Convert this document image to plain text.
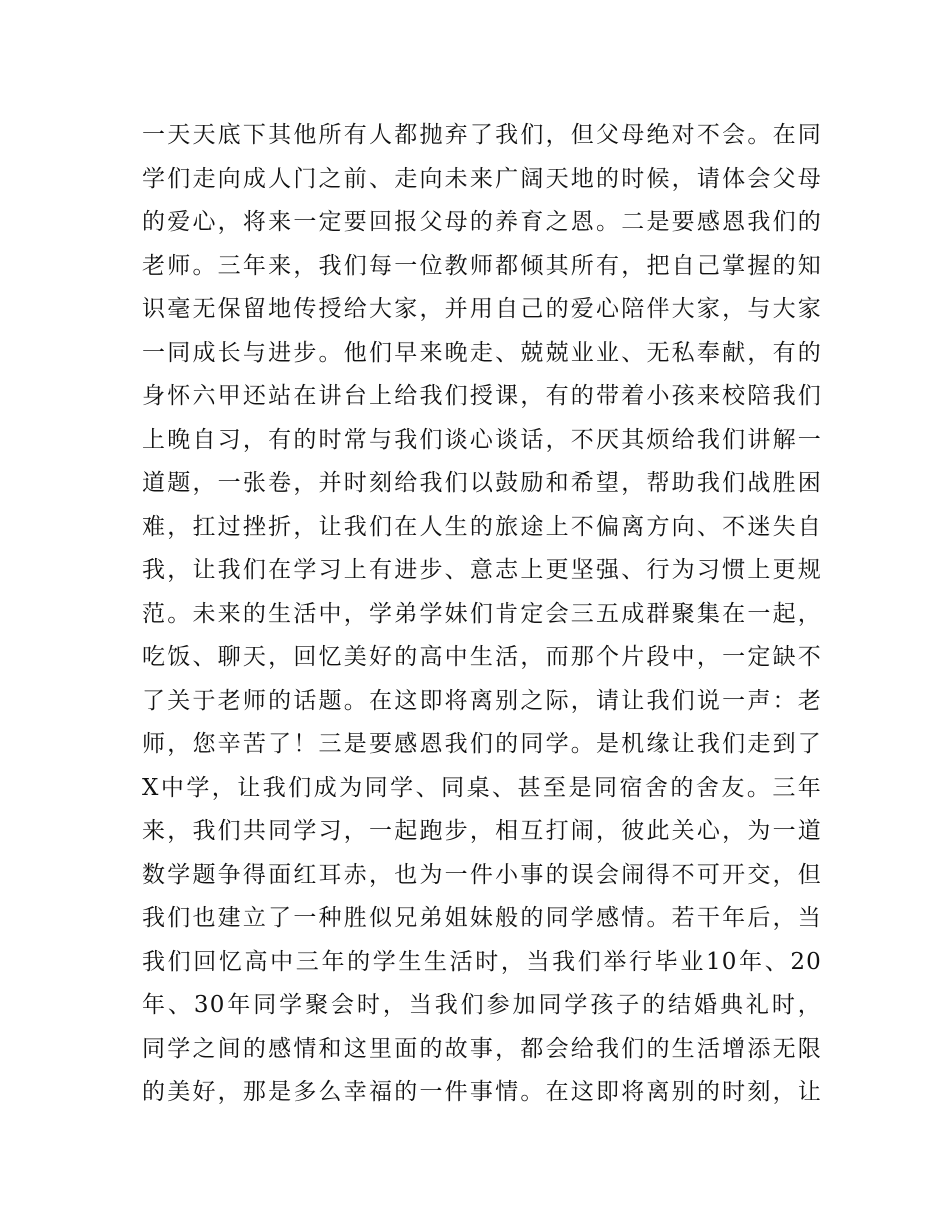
一天天底下其他所有人都抛弃了我们，但父母绝对不会。在同
学们走向成人门之前、走向未来广阔天地的时候，请体会父母
的爱心，将来一定要回报父母的养育之恩。二是要感恩我们的
老师。三年来，我们每一位教师都倾其所有，把自己掌握的知
识毫无保留地传授给大家，并用自己的爱心陪伴大家，与大家
一同成长与进步。他们早来晚走、兢兢业业、无私奉献，有的
身怀六甲还站在讲台上给我们授课，有的带着小孩来校陪我们
上晚自习，有的时常与我们谈心谈话，不厌其烦给我们讲解一
道题，一张卷，并时刻给我们以鼓励和希望，帮助我们战胜困
难，扛过挫折，让我们在人生的旅途上不偏离方向、不迷失自
我，让我们在学习上有进步、意志上更坚强、行为习惯上更规
范。未来的生活中，学弟学妹们肯定会三五成群聚集在一起，
吃饭、聊天，回忆美好的高中生活，而那个片段中，一定缺不
了关于老师的话题。在这即将离别之际，请让我们说一声：老
师，您辛苦了！三是要感恩我们的同学。是机缘让我们走到了
X中学，让我们成为同学、同桌、甚至是同宿舍的舍友。三年
来，我们共同学习，一起跑步，相互打闹，彼此关心，为一道
数学题争得面红耳赤，也为一件小事的误会闹得不可开交，但
我们也建立了一种胜似兄弟姐妹般的同学感情。若干年后，当
我们回忆高中三年的学生生活时，当我们举行毕业10年、20
年、30年同学聚会时，当我们参加同学孩子的结婚典礼时，
同学之间的感情和这里面的故事，都会给我们的生活增添无限
的美好，那是多么幸福的一件事情。在这即将离别的时刻，让
